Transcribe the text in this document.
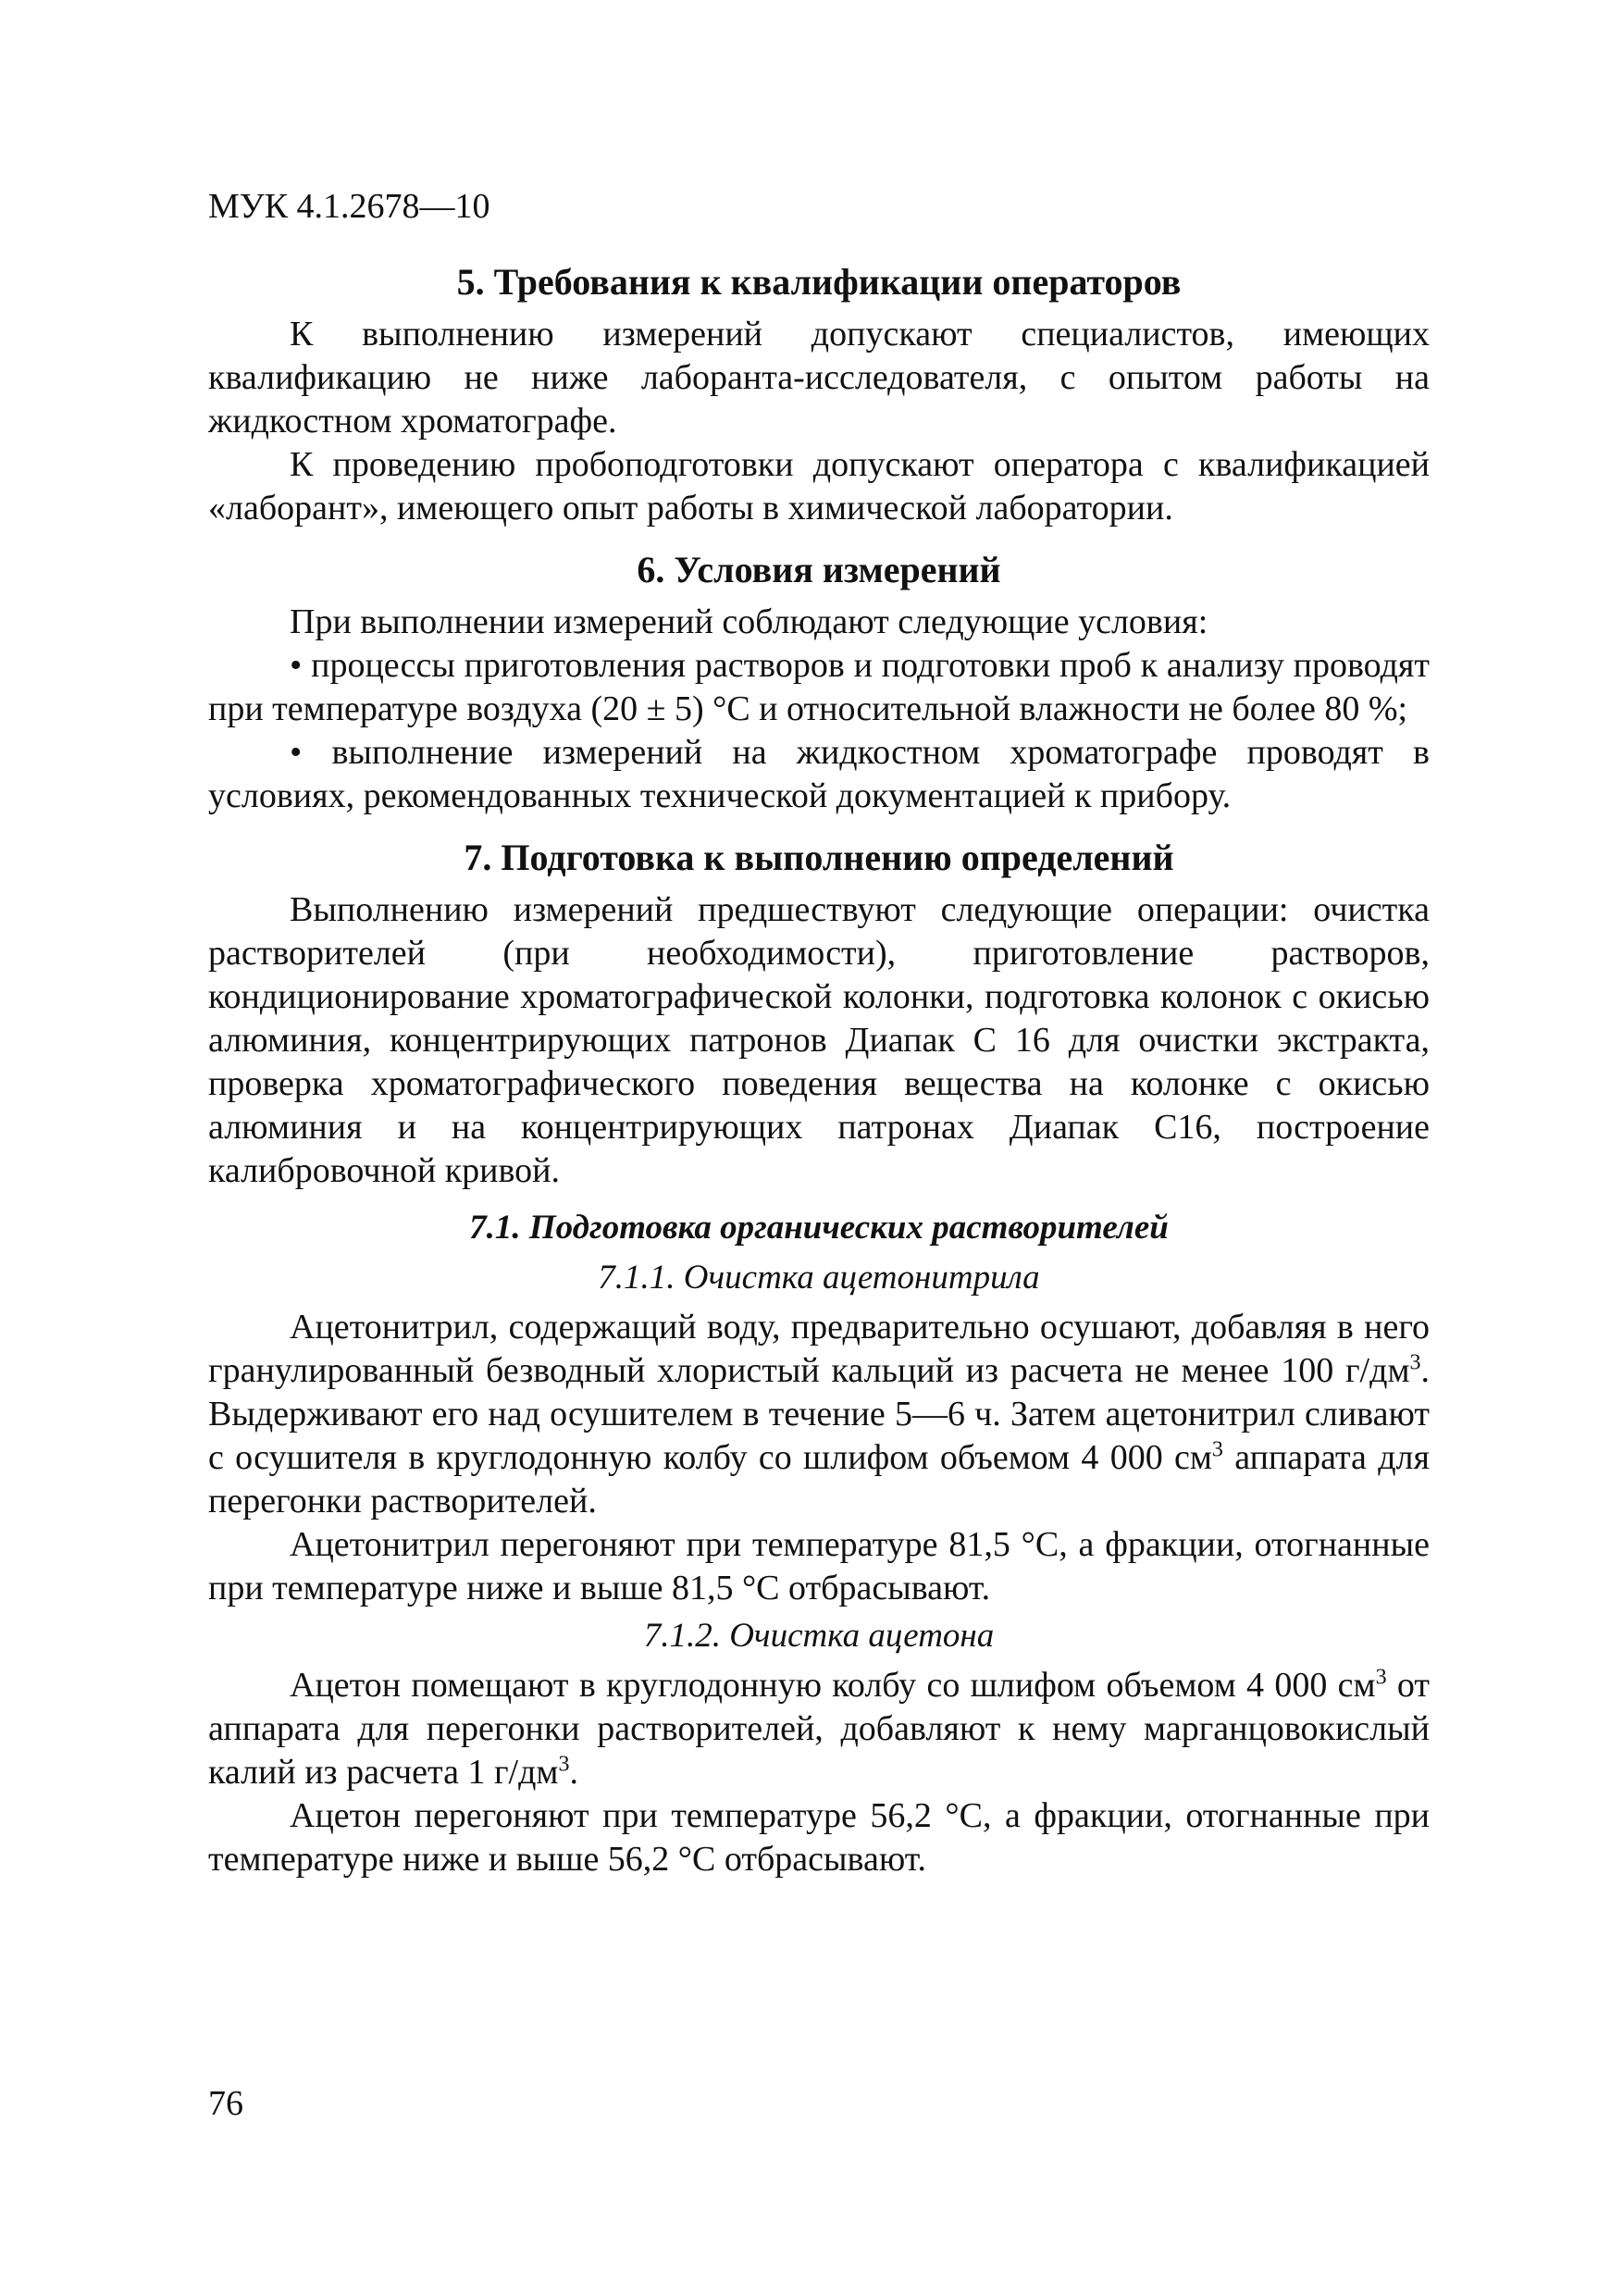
МУК 4.1.2678—10
5. Требования к квалификации операторов

К выполнению измерений допускают специалистов, имеющих квалификацию не ниже лаборанта-исследователя, с опытом работы на жидкостном хроматографе.

К проведению пробоподготовки допускают оператора с квалификацией «лаборант», имеющего опыт работы в химической лаборатории.

6. Условия измерений

При выполнении измерений соблюдают следующие условия:

• процессы приготовления растворов и подготовки проб к анализу проводят при температуре воздуха (20 ± 5) °С и относительной влажности не более 80 %;

• выполнение измерений на жидкостном хроматографе проводят в условиях, рекомендованных технической документацией к прибору.

7. Подготовка к выполнению определений

Выполнению измерений предшествуют следующие операции: очистка растворителей (при необходимости), приготовление растворов, кондиционирование хроматографической колонки, подготовка колонок с окисью алюминия, концентрирующих патронов Диапак С 16 для очистки экстракта, проверка хроматографического поведения вещества на колонке с окисью алюминия и на концентрирующих патронах Диапак С16, построение калибровочной кривой.

7.1. Подготовка органических растворителей
7.1.1. Очистка ацетонитрила

Ацетонитрил, содержащий воду, предварительно осушают, добавляя в него гранулированный безводный хлористый кальций из расчета не менее 100 $г/дм^3$. Выдерживают его над осушителем в течение 5—6 ч. Затем ацетонитрил сливают с осушителя в круглодонную колбу со шлифом объемом 4 000 $см^3$ аппарата для перегонки растворителей.

Ацетонитрил перегоняют при температуре 81,5 °С, а фракции, отогнанные при температуре ниже и выше 81,5 °С отбрасывают.

7.1.2. Очистка ацетона

Ацетон помещают в круглодонную колбу со шлифом объемом 4 000 $см^3$ от аппарата для перегонки растворителей, добавляют к нему марганцовокислый калий из расчета 1 $г/дм^3$.

Ацетон перегоняют при температуре 56,2 °С, а фракции, отогнанные при температуре ниже и выше 56,2 °С отбрасывают.

76
